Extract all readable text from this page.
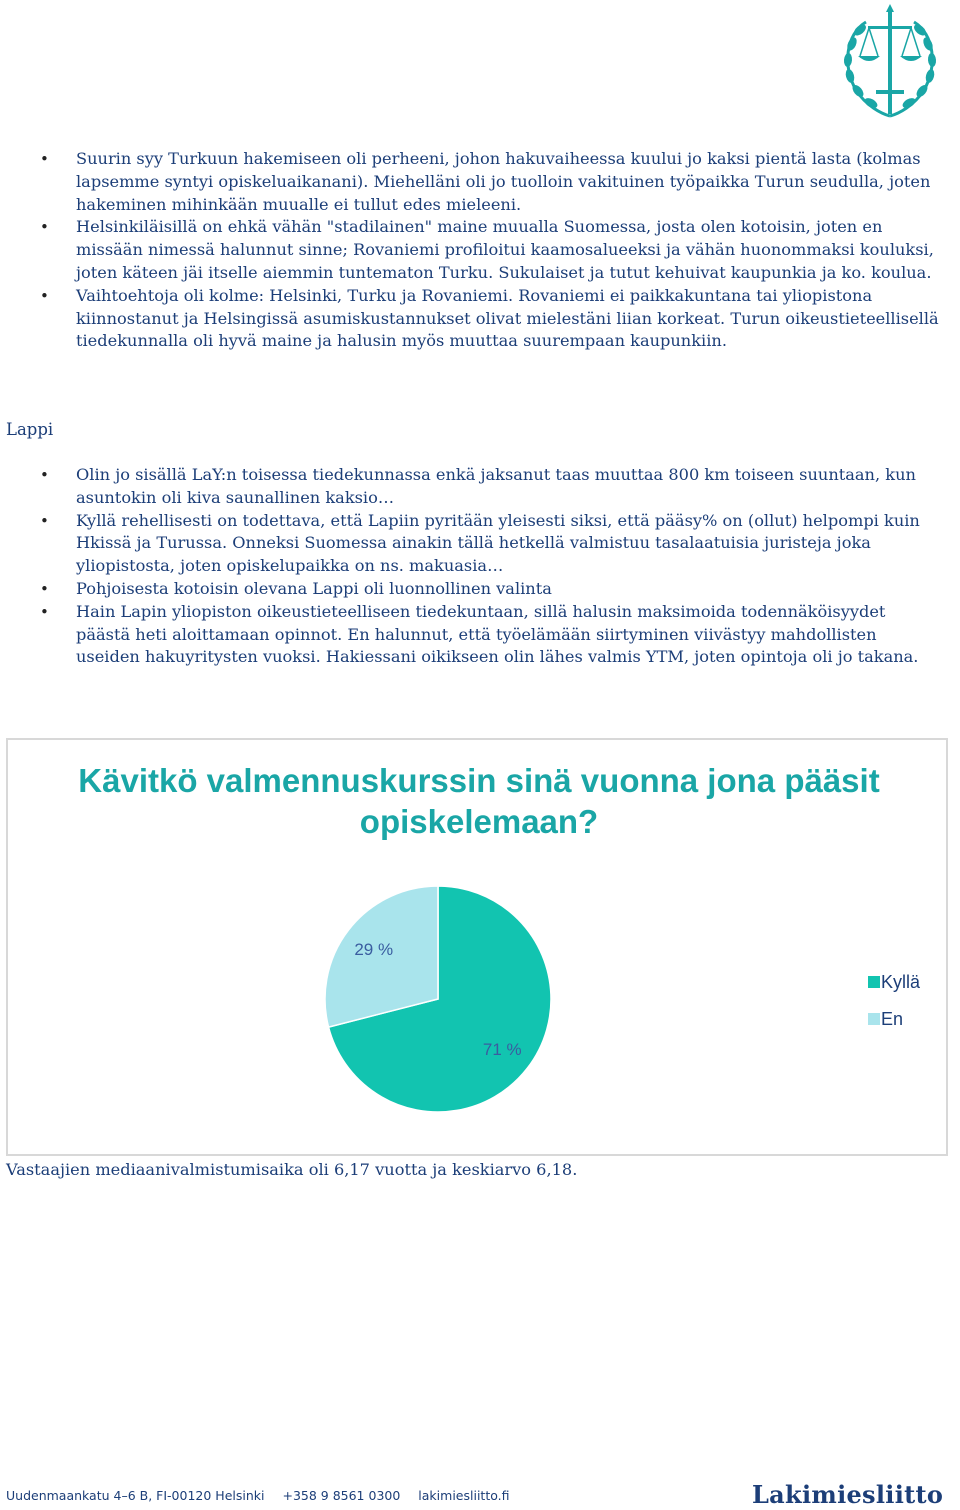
• Suurin syy Turkuun hakemiseen oli perheeni, johon hakuvaiheessa kuului jo kaksi pientä lasta (kolmas lapsemme syntyi opiskeluaikanani). Miehelläni oli jo tuolloin vakituinen työpaikka Turun seudulla, joten hakeminen mihinkään muualle ei tullut edes mieleeni.
• Helsinkiläisillä on ehkä vähän "stadilainen" maine muualla Suomessa, josta olen kotoisin, joten en missään nimessä halunnut sinne; Rovaniemi profiloitui kaamosalueeksi ja vähän huonommaksi kouluksi, joten käteen jäi itselle aiemmin tuntematon Turku. Sukulaiset ja tutut kehuivat kaupunkia ja ko. koulua.
• Vaihtoehtoja oli kolme: Helsinki, Turku ja Rovaniemi. Rovaniemi ei paikkakuntana tai yliopistona kiinnostanut ja Helsingissä asumiskustannukset olivat mielestäni liian korkeat. Turun oikeustieteellisellä tiedekunnalla oli hyvä maine ja halusin myös muuttaa suurempaan kaupunkiin.
Lappi
• Olin jo sisällä LaY:n toisessa tiedekunnassa enkä jaksanut taas muuttaa 800 km toiseen suuntaan, kun asuntokin oli kiva saunallinen kaksio…
• Kyllä rehellisesti on todettava, että Lapiin pyritään yleisesti siksi, että pääsy% on (ollut) helpompi kuin Hkissä ja Turussa. Onneksi Suomessa ainakin tällä hetkellä valmistuu tasalaatuisia juristeja joka yliopistosta, joten opiskelupaikka on ns. makuasia…
• Pohjoisesta kotoisin olevana Lappi oli luonnollinen valinta
• Hain Lapin yliopiston oikeustieteelliseen tiedekuntaan, sillä halusin maksimoida todennäköisyydet päästä heti aloittamaan opinnot. En halunnut, että työelämään siirtyminen viivästyy mahdollisten useiden hakuyritysten vuoksi. Hakiessani oikikseen olin lähes valmis YTM, joten opintoja oli jo takana.
Kävitkö valmennuskurssin sinä vuonna jona pääsit opiskelemaan?
71 %
29 %
Kyllä
En
Vastaajien mediaanivalmistumisaika oli 6,17 vuotta ja keskiarvo 6,18.
Uudenmaankatu 4–6 B, FI-00120 Helsinki +358 9 8561 0300 lakimiesliitto.fi	Lakimiesliitto
